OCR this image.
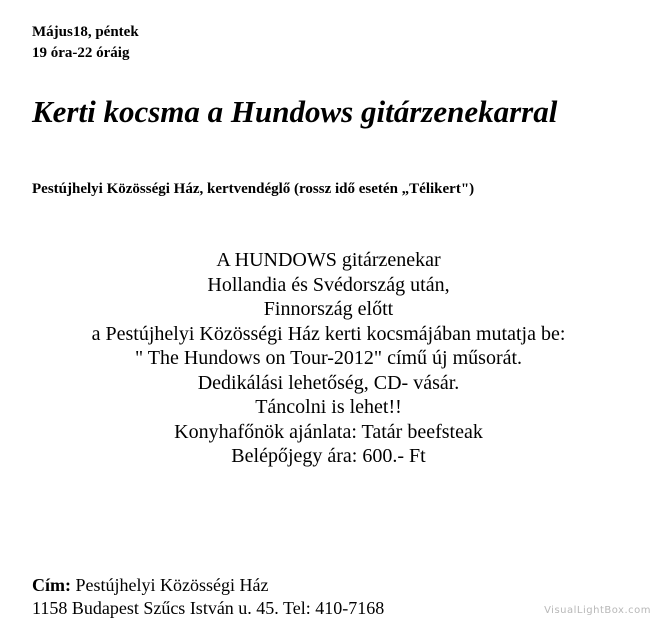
Május18, péntek
19 óra-22 óráig
Kerti kocsma a Hundows gitárzenekarral
Pestújhelyi Közösségi Ház, kertvendéglő (rossz idő esetén „Télikert")
A HUNDOWS gitárzenekar
Hollandia és Svédország után,
Finnország előtt
a Pestújhelyi Közösségi Ház kerti kocsmájában mutatja be:
" The Hundows on Tour-2012" című új műsorát.
Dedikálási lehetőség, CD- vásár.
Táncolni is lehet!!
Konyhafőnök ajánlata: Tatár beefsteak
Belépőjegy ára: 600.- Ft
Cím: Pestújhelyi Közösségi Ház
1158 Budapest Szűcs István u. 45. Tel: 410-7168	VisualLightBox.com
